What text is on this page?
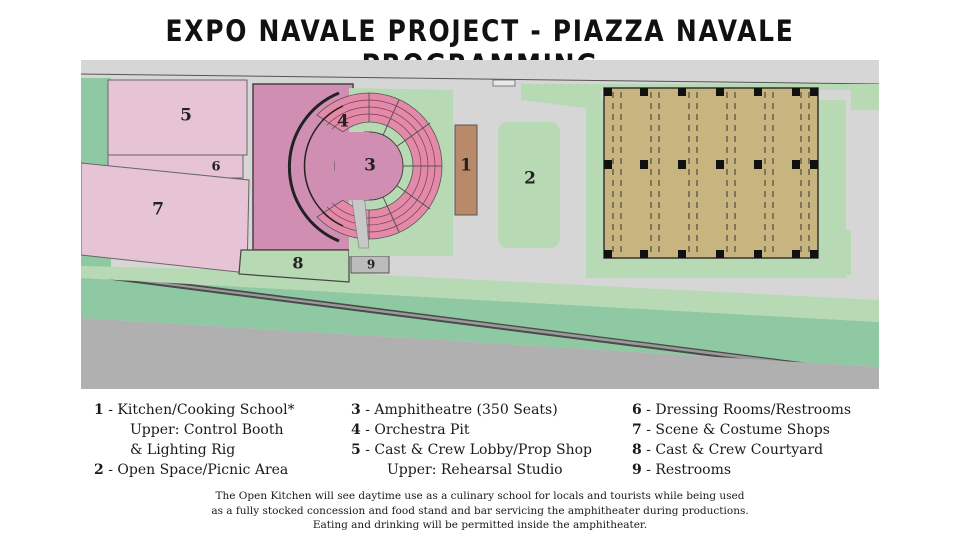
EXPO NAVALE PROJECT - PIAZZA NAVALE
5
6
7
3
4
1
2
8	9
1 - Kitchen/Cooking School*
Upper: Control Booth
& Lighting Rig
2 - Open Space/Picnic Area
3 - Amphitheatre (350 Seats)
4 - Orchestra Pit
5 - Cast & Crew Lobby/Prop Shop
Upper: Rehearsal Studio
6 - Dressing Rooms/Restrooms
7 - Scene & Costume Shops
8 - Cast & Crew Courtyard
9 - Restrooms
The Open Kitchen will see daytime use as a culinary school for locals and tourists while being used
as a fully stocked concession and food stand and bar servicing the amphitheater during productions.
Eating and drinking will be permitted inside the amphitheater.
